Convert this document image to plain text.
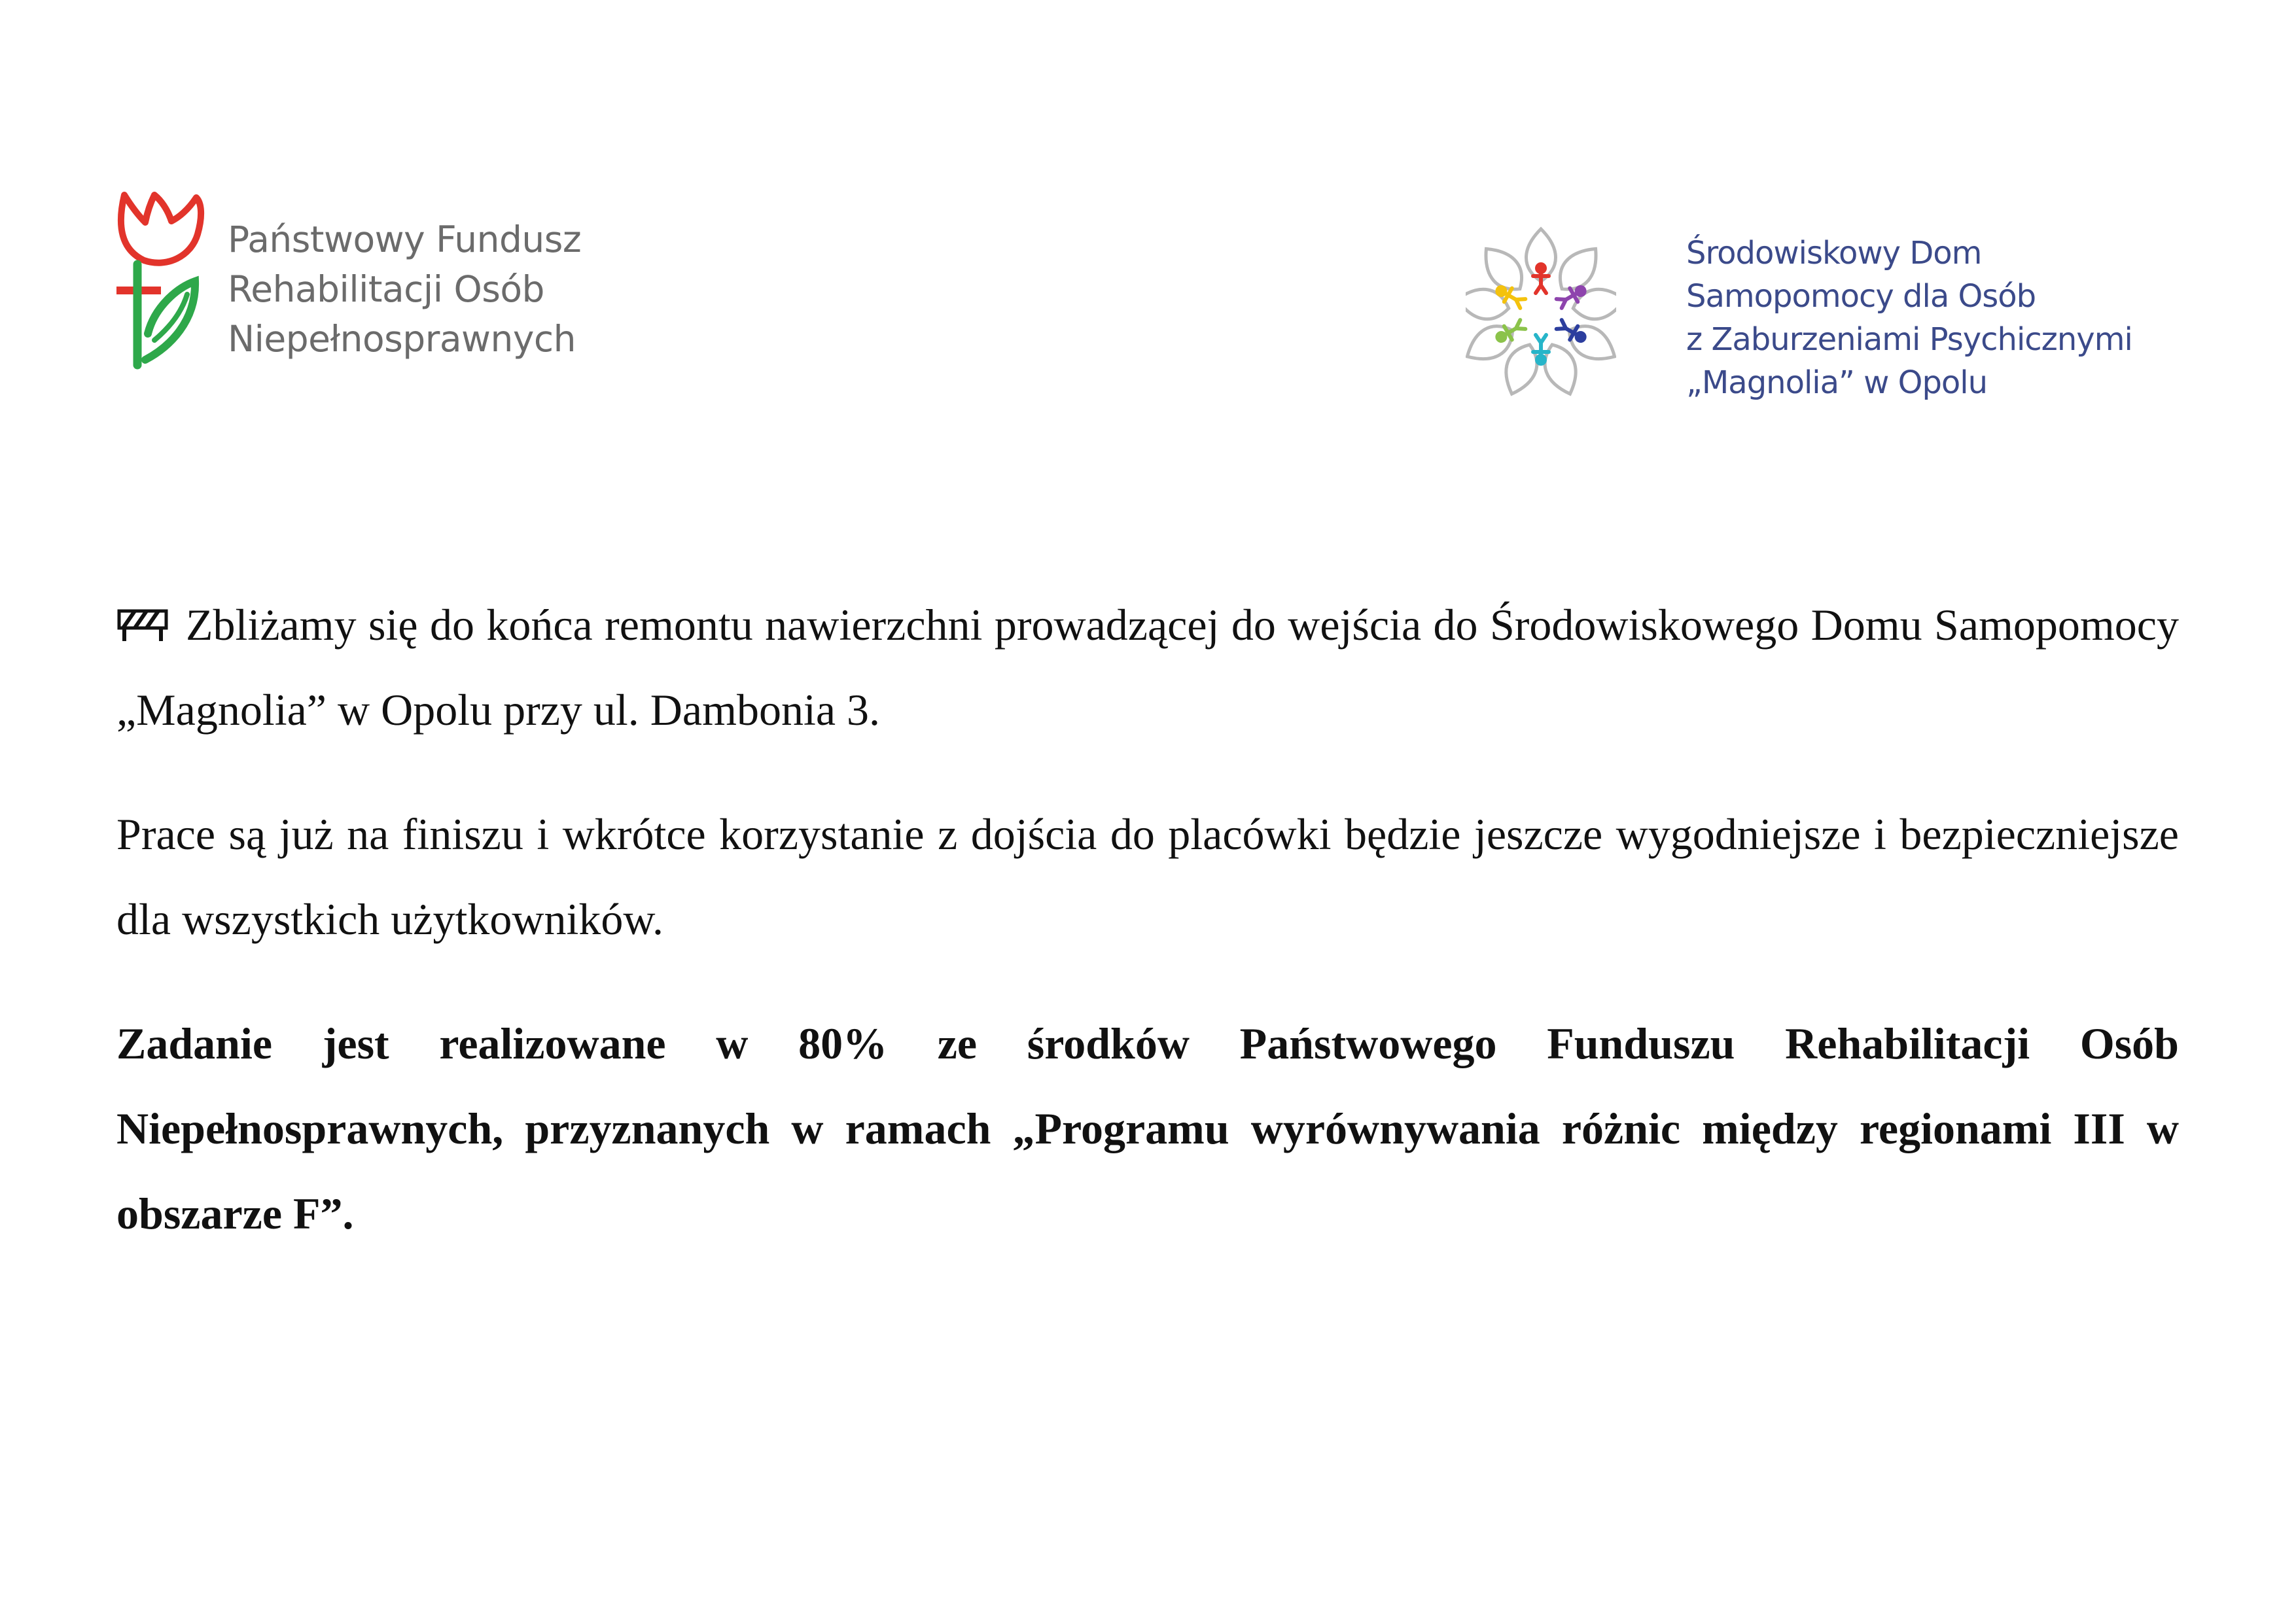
Państwowy Fundusz
Rehabilitacji Osób
Niepełnosprawnych
Środowiskowy Dom
Samopomocy dla Osób
z Zaburzeniami Psychicznymi
„Magnolia” w Opolu

Zbliżamy się do końca remontu nawierzchni prowadzącej do wejścia do Środowiskowego Domu Samopomocy „Magnolia” w Opolu przy ul. Dambonia 3.

Prace są już na finiszu i wkrótce korzystanie z dojścia do placówki będzie jeszcze wygodniejsze i bezpieczniejsze dla wszystkich użytkowników.

Zadanie jest realizowane w 80% ze środków Państwowego Funduszu Rehabilitacji Osób Niepełnosprawnych, przyznanych w ramach „Programu wyrównywania różnic między regionami III w obszarze F”.
